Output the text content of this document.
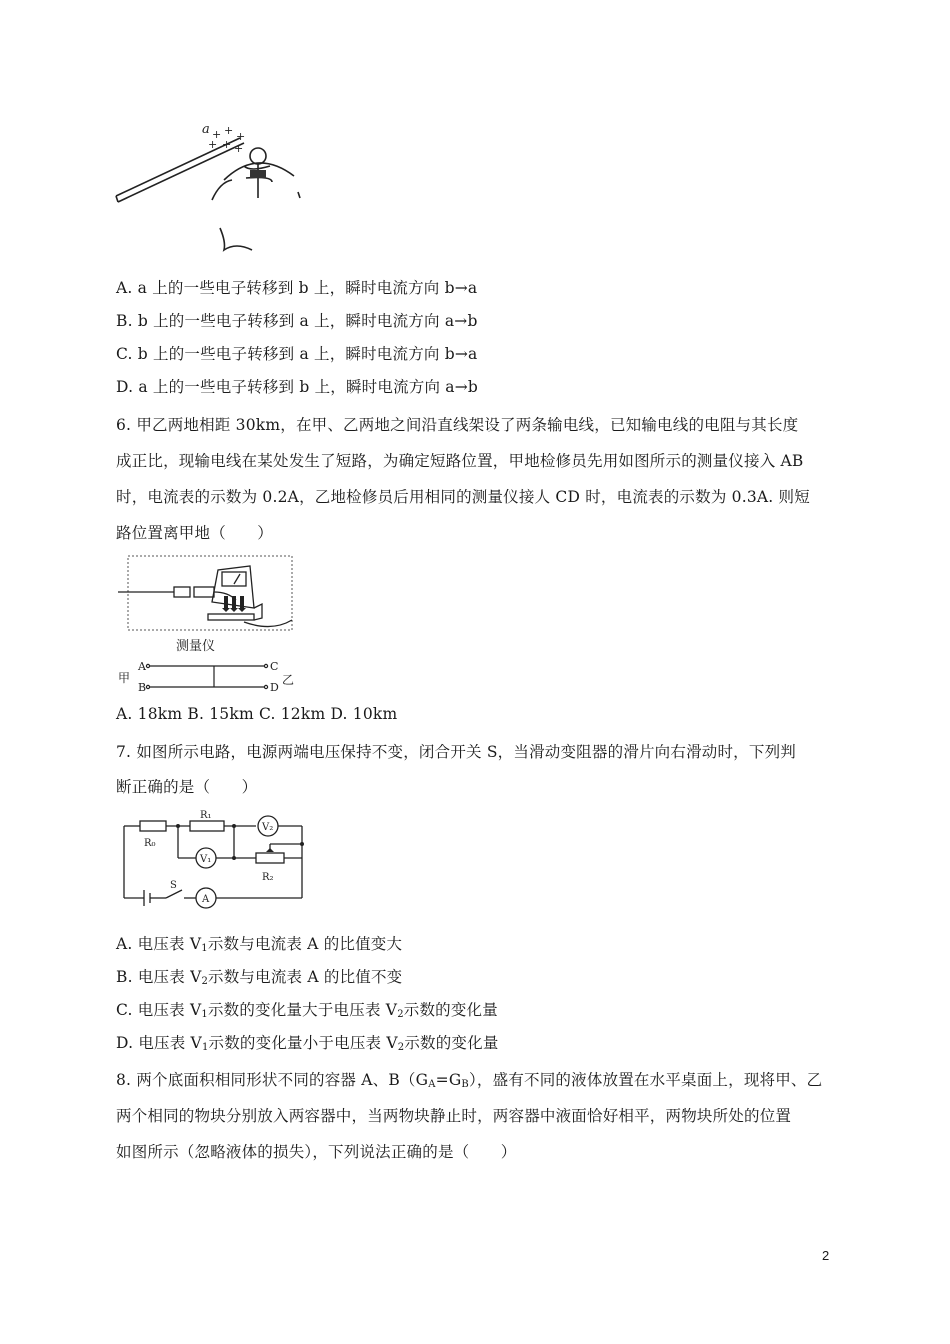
a + +
+ + +
+
A. a 上的一些电子转移到 b 上，瞬时电流方向 b→a
B. b 上的一些电子转移到 a 上，瞬时电流方向 a→b
C. b 上的一些电子转移到 a 上，瞬时电流方向 b→a
D. a 上的一些电子转移到 b 上，瞬时电流方向 a→b
6. 甲乙两地相距 30km，在甲、乙两地之间沿直线架设了两条输电线，已知输电线的电阻与其长度
成正比，现输电线在某处发生了短路，为确定短路位置，甲地检修员先用如图所示的测量仪接入 AB
时，电流表的示数为 0.2A，乙地检修员后用相同的测量仪接人 CD 时，电流表的示数为 0.3A. 则短
路位置离甲地（　　）
测量仪
甲
A
B
C
D
乙
A. 18km B. 15km C. 12km D. 10km
7. 如图所示电路，电源两端电压保持不变，闭合开关 S，当滑动变阻器的滑片向右滑动时，下列判
断正确的是（　　）
R₁
R₀
R₂
V₂
V₁
A
S
A. 电压表 $V_1$示数与电流表 A 的比值变大
B. 电压表 $V_2$示数与电流表 A 的比值不变
C. 电压表 $V_1$示数的变化量大于电压表 $V_2$示数的变化量
D. 电压表 $V_1$示数的变化量小于电压表 $V_2$示数的变化量
8. 两个底面积相同形状不同的容器 A、$B(G_A=G_B)$，盛有不同的液体放置在水平桌面上，现将甲、乙
两个相同的物块分别放入两容器中，当两物块静止时，两容器中液面恰好相平，两物块所处的位置
如图所示（忽略液体的损失），下列说法正确的是（　　）
2
